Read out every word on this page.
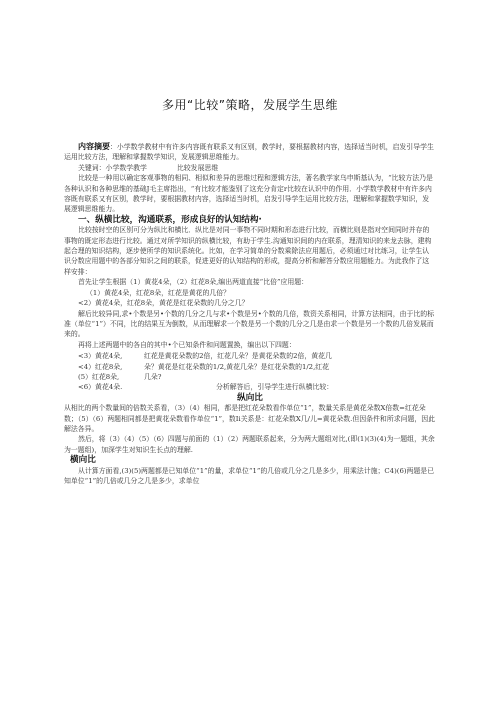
多用“比较”策略，发展学生思维

内容摘要：小学数学教材中有许多内容既有联系又有区别，教学时，要根据教材内容，选择适当时机，启发引导学生运用比较方法，理解和掌握数学知识，发展逻辑思维能力。

关键词：小学数学教学	比较发展思维

比较是一种用以确定客观事物的相同、相似和差异的思维过程和逻辑方法，著名教学家乌申斯基认为，“比较方法乃是各种认识和各种思维的基础J毛主席指出，“有比较才能鉴别了这充分肯定r比较在认识中的作用．小学数学教材中有许多内容既有联系又有区别，教学时，要根据教材内容，选择适当时机，启发引导学生运用比较方法，理解和掌握数学知识，发展逻辑思维能力。

一、纵横比较，沟通联系，形成良好的认知结构·

比较按时空的区别可分为纵比和横比．纵比是对同一事物不同时期和形态进行比较，而横比则是指对空间同时并存的事物的既定形态进行比较。通过对所学知识的纵横比较，有助于学生.沟通知识间的内在联系，理清知识的来龙去脉，建构起合理的知识结构，逐步使所学的知识系统化。比如，在学习简单的分数乘除法应用题后，必须通过对比练习，让学生认识分数应用题中的各部分知识之间的联系，促进更好的认知结构的形成，提高分析和解答分数应用题能力。为此我作了这样安排：

首先让学生根据（1）黄花4朵，（2）红花8朵,编出两道直接“比倍”应用题：

（1）黄花4朵，红花8朵，红花是黄花的几倍？

<2）黄花4朵，红花8朵，黄花是红花朵数的几分之几？

解后比较异同,求•个数是另•个数的几分之几与求•个数是另•个数的几倍，数资关系相同，计算方法相同，由于比的标准（单位“1”）不同，比的结果互为倒数，从而理解求一个数是另一个数的几分之几是由求一个数是另一个数的几倍发展而来的。

再将上述两题中的各自的其中•个已知条件和问题置换，编出以下四题：

<3）黄花4朵,
<4）红花8朵,
(5）红花8朵,
<6）黄花4朵.
红花是黄花朵数的2倍，红花几朵？是黄花朵数的2倍，黄花几
朵？黄花是红花朵数的1/2,黄花几朵？是红花朵数的1/2,红花
几朵?
分析解答后，引导学生进行纵横比较：
纵向比

从相比的两个数量间的倍数关系看，（3）（4）相同，都是把红花朵数看作单位“1”，数量关系是黄花朵数X倍数=红花朵数；（5）（6）两题相同都是把黄花朵数看作单位“1”，数Ⅰi关系是：红花朵数X几/儿=黄花朵数.但因条件和所求问题，因此解法各异。

然后，将（3）（4）（5）（6）四题与前面的（1）（2）两题联系起来，分为两大题组对比,(即(1)(3)(4)为一题组，其余为一题组)，加深学生对知识生长点的理解.

横向比

从计算方面看,(3)(5)两题都是已知单位“1”的量，求单位“1”的几倍或几分之几是多少，用乘法计施；C4)(6)两题是已知单位“1”的几倍或几分之几是多少，求单位
